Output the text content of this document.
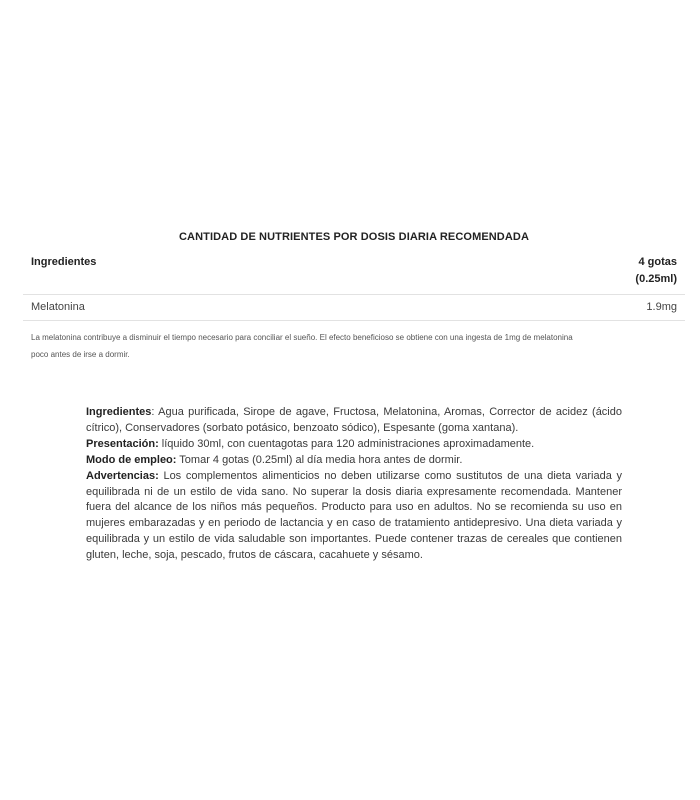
CANTIDAD DE NUTRIENTES POR DOSIS DIARIA RECOMENDADA
Ingredientes	4 gotas
(0.25ml)
Melatonina	1.9mg
La melatonina contribuye a disminuir el tiempo necesario para conciliar el sueño. El efecto beneficioso se obtiene con una ingesta de 1mg de melatonina poco antes de irse a dormir.

Ingredientes: Agua purificada, Sirope de agave, Fructosa, Melatonina, Aromas, Corrector de acidez (ácido cítrico), Conservadores (sorbato potásico, benzoato sódico), Espesante (goma xantana).

Presentación: líquido 30ml, con cuentagotas para 120 administraciones aproximadamente.

Modo de empleo: Tomar 4 gotas (0.25ml) al día media hora antes de dormir.

Advertencias: Los complementos alimenticios no deben utilizarse como sustitutos de una dieta variada y equilibrada ni de un estilo de vida sano. No superar la dosis diaria expresamente recomendada. Mantener fuera del alcance de los niños más pequeños. Producto para uso en adultos. No se recomienda su uso en mujeres embarazadas y en periodo de lactancia y en caso de tratamiento antidepresivo. Una dieta variada y equilibrada y un estilo de vida saludable son importantes. Puede contener trazas de cereales que contienen gluten, leche, soja, pescado, frutos de cáscara, cacahuete y sésamo.
